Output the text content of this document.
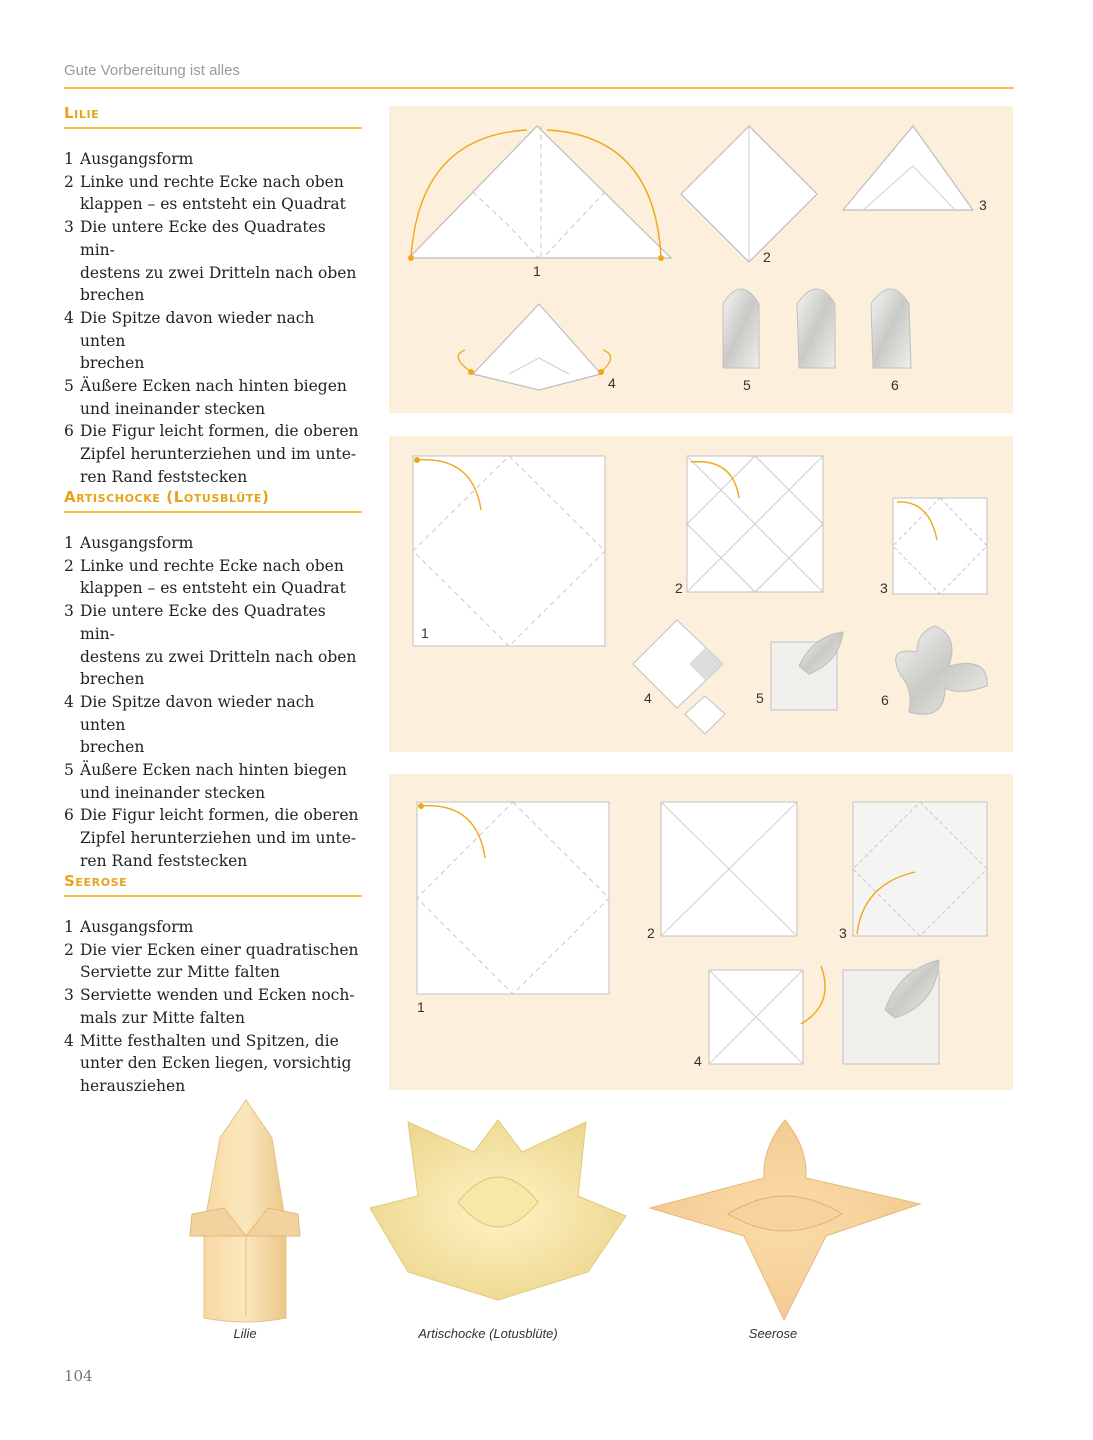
Gute Vorbereitung ist alles
Lilie
1 Ausgangsform
2 Linke und rechte Ecke nach oben
klappen – es entsteht ein Quadrat
3 Die untere Ecke des Quadrates min-
destens zu zwei Dritteln nach oben
brechen
4 Die Spitze davon wieder nach unten
brechen
5 Äußere Ecken nach hinten biegen
und ineinander stecken
6 Die Figur leicht formen, die oberen
Zipfel herunterziehen und im unte-
ren Rand feststecken
Artischocke (Lotusblüte)
1 Ausgangsform
2 Linke und rechte Ecke nach oben
klappen – es entsteht ein Quadrat
3 Die untere Ecke des Quadrates min-
destens zu zwei Dritteln nach oben
brechen
4 Die Spitze davon wieder nach unten
brechen
5 Äußere Ecken nach hinten biegen
und ineinander stecken
6 Die Figur leicht formen, die oberen
Zipfel herunterziehen und im unte-
ren Rand feststecken
Seerose
1 Ausgangsform
2 Die vier Ecken einer quadratischen
Serviette zur Mitte falten
3 Serviette wenden und Ecken noch-
mals zur Mitte falten
4 Mitte festhalten und Spitzen, die
unter den Ecken liegen, vorsichtig
herausziehen
1
2
3
4	5	6
1
2	3
4	5	6
1
2	3
4
Lilie	Artischocke (Lotusblüte)	Seerose
104
